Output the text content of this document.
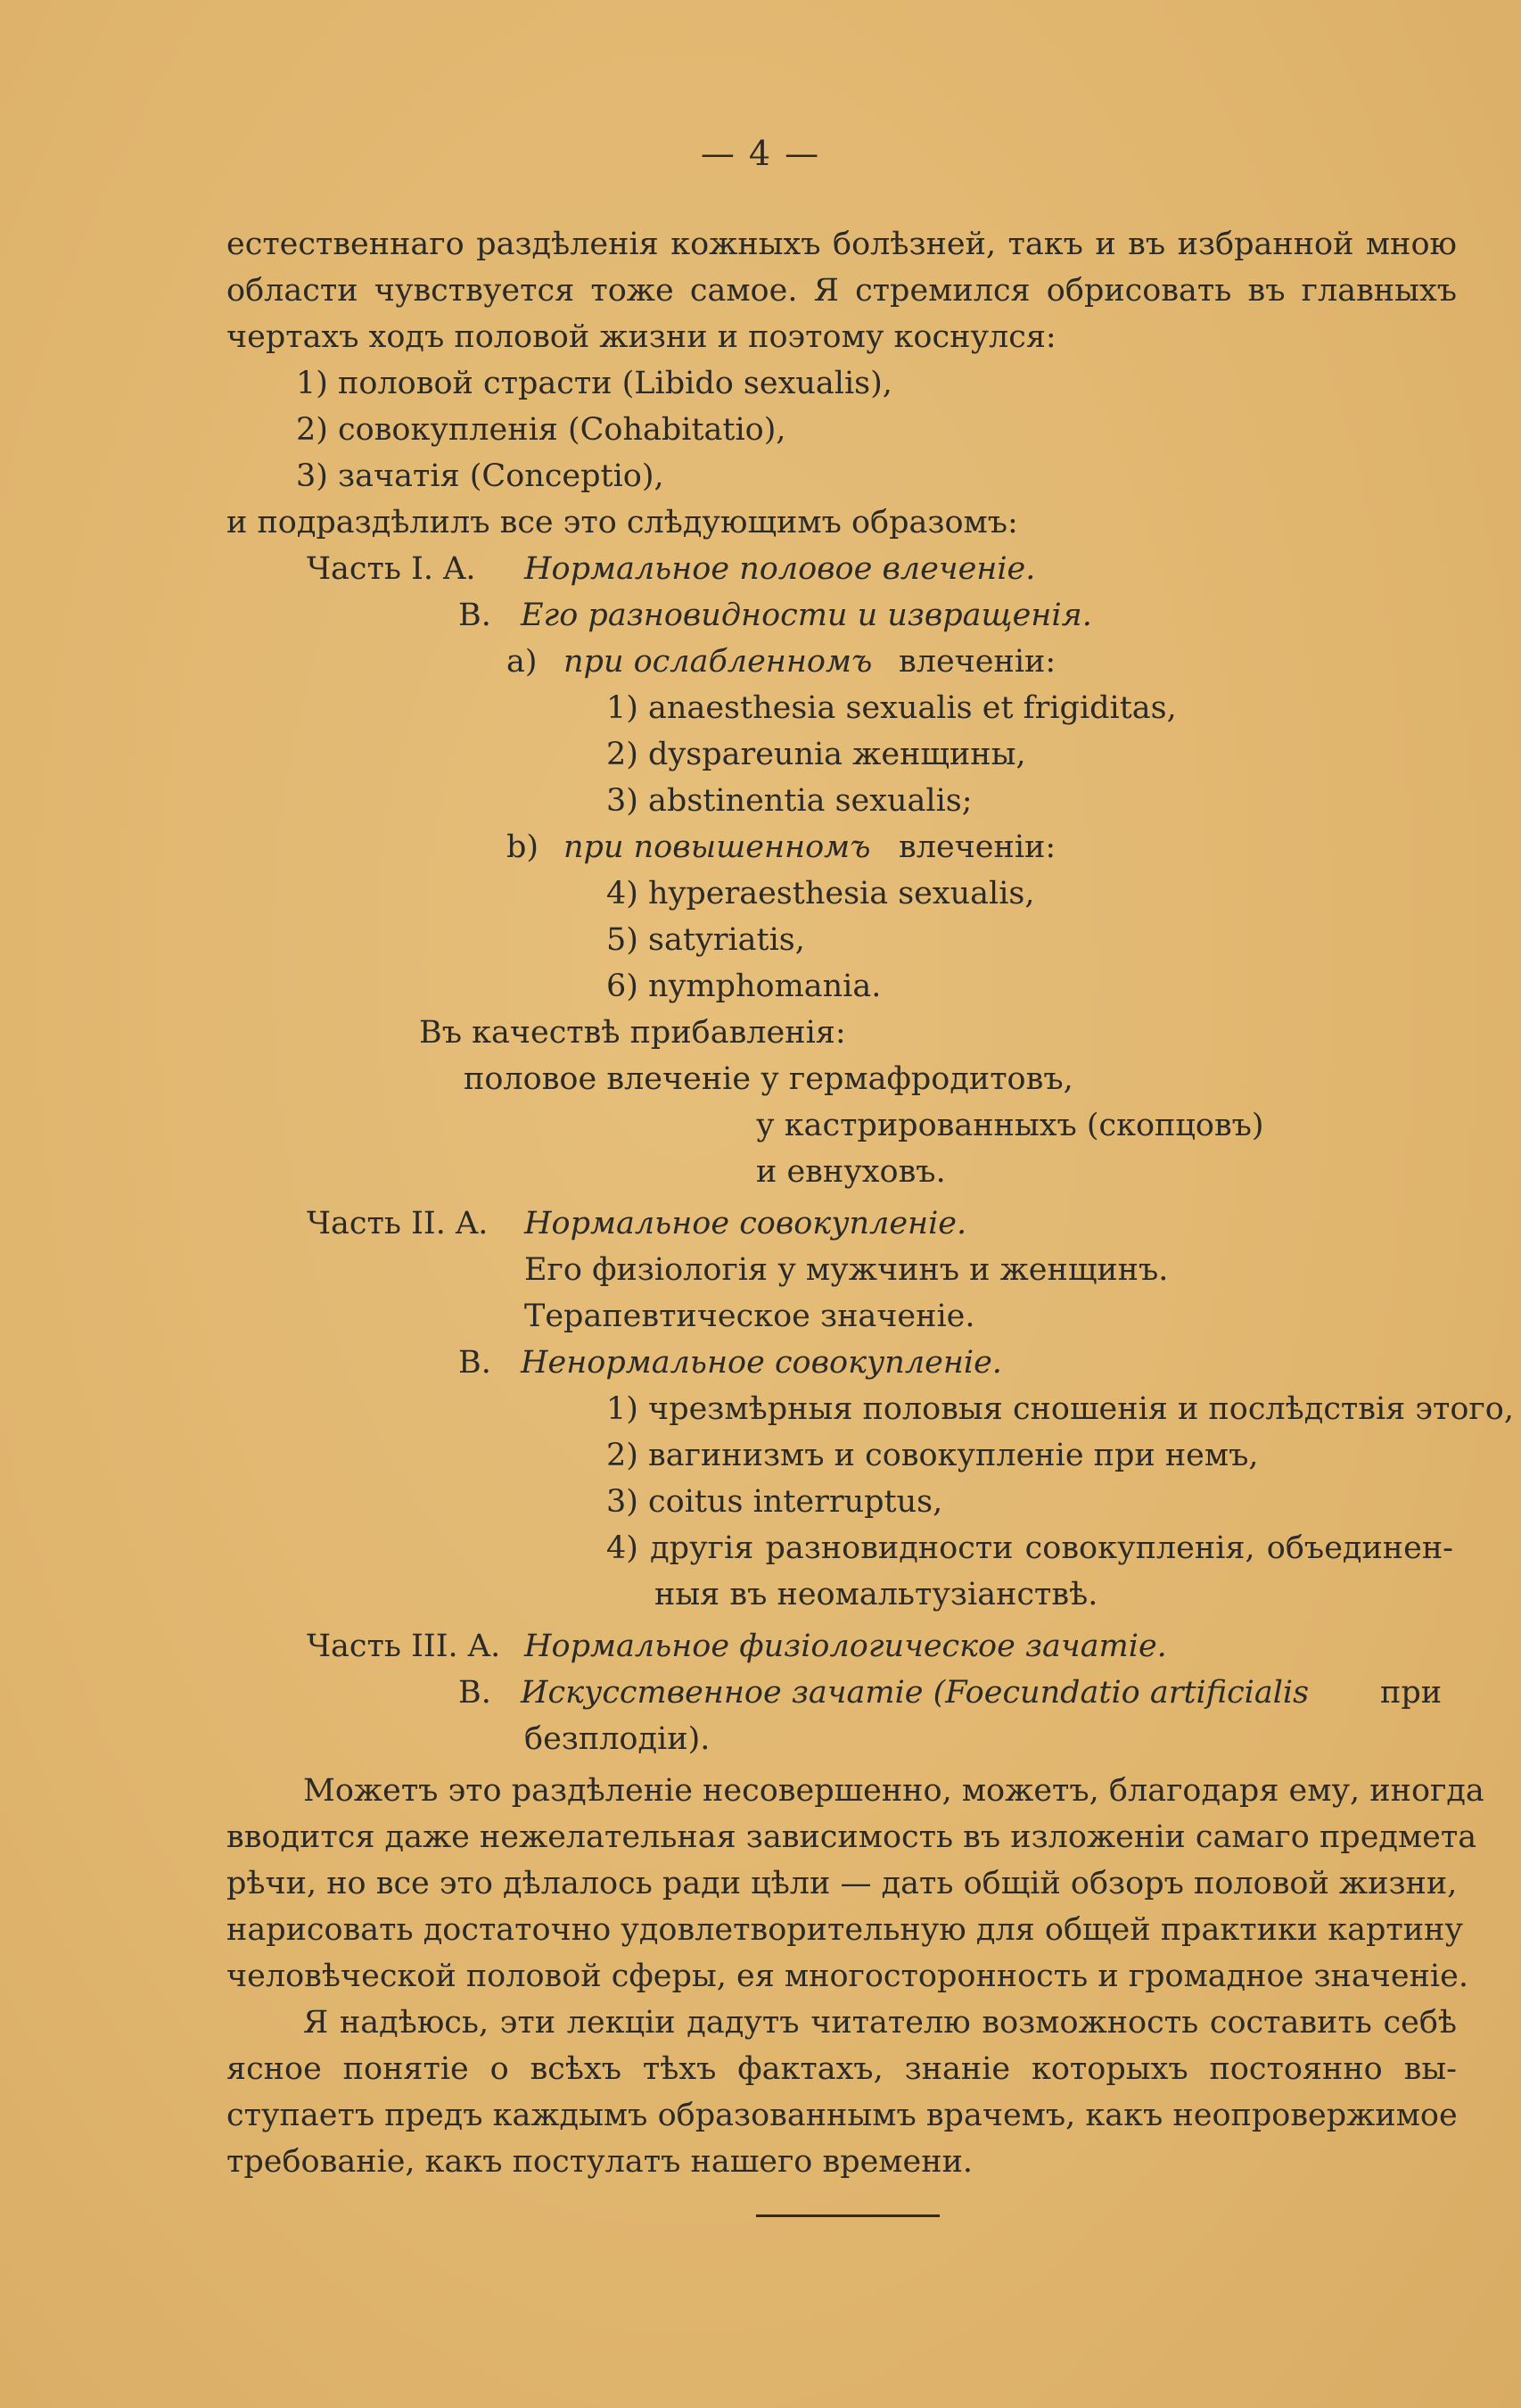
— 4 —
естественнаго раздѣленія кожныхъ болѣзней, такъ и въ избранной мною
области чувствуется тоже самое. Я стремился обрисовать въ главныхъ
чертахъ ходъ половой жизни и поэтому коснулся:
1) половой страсти (Libido sexualis),
2) совокупленія (Cohabitatio),
3) зачатія (Conceptio),
и подраздѣлилъ все это слѣдующимъ образомъ:
Часть I. A. Нормальное половое влеченіе.
B. Его разновидности и извращенія.
a) при ослабленномъ влеченіи:
1) anaesthesia sexualis et frigiditas,
2) dyspareunia женщины,
3) abstinentia sexualis;
b) при повышенномъ влеченіи:
4) hyperaesthesia sexualis,
5) satyriatis,
6) nymphomania.
Въ качествѣ прибавленія:
половое влеченіе у гермафродитовъ,
у кастрированныхъ (скопцовъ)
и евнуховъ.
Часть II. A. Нормальное совокупленіе.
Его физіологія у мужчинъ и женщинъ.
Терапевтическое значеніе.
B. Ненормальное совокупленіе.
1) чрезмѣрныя половыя сношенія и послѣдствія этого,
2) вагинизмъ и совокупленіе при немъ,
3) coitus interruptus,
4) другія разновидности совокупленія, объединен-
ныя въ неомальтузіанствѣ.
Часть III. A. Нормальное физіологическое зачатіе.
B. Искусственное зачатіе (Foecundatio artificialis при
безплодіи).
Можетъ это раздѣленіе несовершенно, можетъ, благодаря ему, иногда
вводится даже нежелательная зависимость въ изложеніи самаго предмета
рѣчи, но все это дѣлалось ради цѣли — дать общій обзоръ половой жизни,
нарисовать достаточно удовлетворительную для общей практики картину
человѣческой половой сферы, ея многосторонность и громадное значеніе.
Я надѣюсь, эти лекціи дадутъ читателю возможность составить себѣ
ясное понятіе о всѣхъ тѣхъ фактахъ, знаніе которыхъ постоянно вы-
ступаетъ предъ каждымъ образованнымъ врачемъ, какъ неопровержимое
требованіе, какъ постулатъ нашего времени.
